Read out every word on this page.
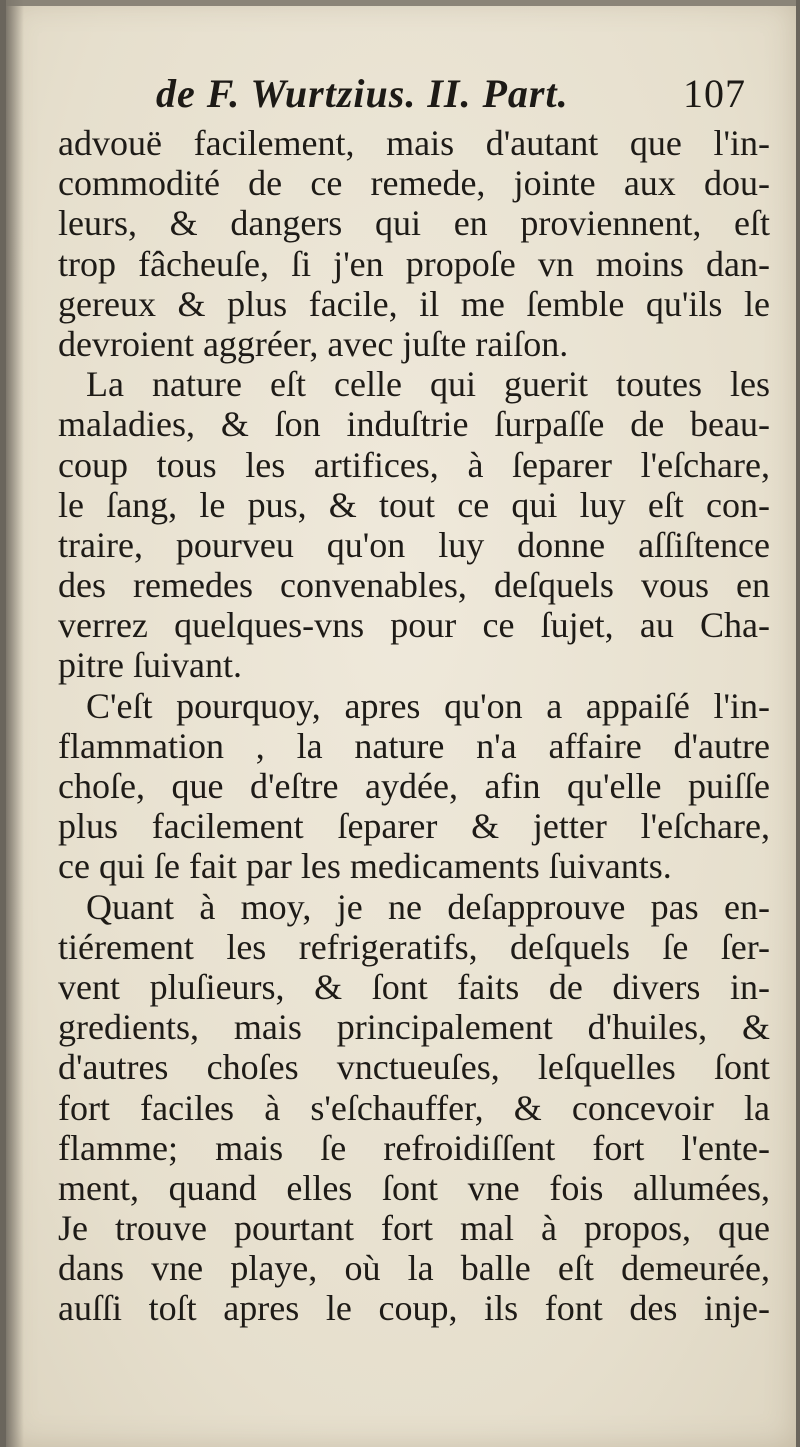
de F. Wurtzius. II. Part.	107
advouë facilement, mais d'autant que l'in-
commodité de ce remede, jointe aux dou-
leurs, & dangers qui en proviennent, eſt
trop fâcheuſe, ſi j'en propoſe vn moins dan-
gereux & plus facile, il me ſemble qu'ils le
devroient aggréer, avec juſte raiſon.
La nature eſt celle qui guerit toutes les
maladies, & ſon induſtrie ſurpaſſe de beau-
coup tous les artifices, à ſeparer l'eſchare,
le ſang, le pus, & tout ce qui luy eſt con-
traire, pourveu qu'on luy donne aſſiſtence
des remedes convenables, deſquels vous en
verrez quelques-vns pour ce ſujet, au Cha-
pitre ſuivant.
C'eſt pourquoy, apres qu'on a appaiſé l'in-
flammation , la nature n'a affaire d'autre
choſe, que d'eſtre aydée, afin qu'elle puiſſe
plus facilement ſeparer & jetter l'eſchare,
ce qui ſe fait par les medicaments ſuivants.
Quant à moy, je ne deſapprouve pas en-
tiérement les refrigeratifs, deſquels ſe ſer-
vent pluſieurs, & ſont faits de divers in-
gredients, mais principalement d'huiles, &
d'autres choſes vnctueuſes, leſquelles ſont
fort faciles à s'eſchauffer, & concevoir la
flamme; mais ſe refroidiſſent fort l'ente-
ment, quand elles ſont vne fois allumées,
Je trouve pourtant fort mal à propos, que
dans vne playe, où la balle eſt demeurée,
auſſi toſt apres le coup, ils font des inje-
